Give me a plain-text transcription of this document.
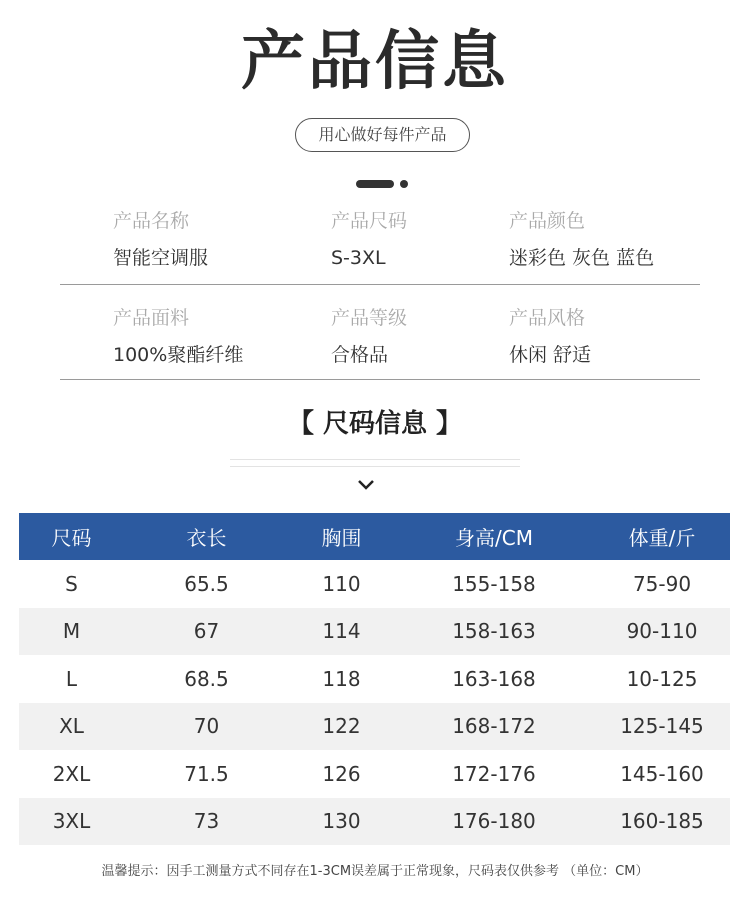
产品信息
用心做好每件产品
产品名称
智能空调服
产品尺码
S-3XL
产品颜色
迷彩色 灰色 蓝色
产品面料
100%聚酯纤维
产品等级
合格品
产品风格
休闲 舒适
【 尺码信息 】
尺码	衣长	胸围	身高/CM	体重/斤
S	65.5	110	155-158	75-90
M	67	114	158-163	90-110
L	68.5	118	163-168	10-125
XL	70	122	168-172	125-145
2XL	71.5	126	172-176	145-160
3XL	73	130	176-180	160-185
温馨提示：因手工测量方式不同存在1-3CM误差属于正常现象，尺码表仅供参考 （单位：CM）
